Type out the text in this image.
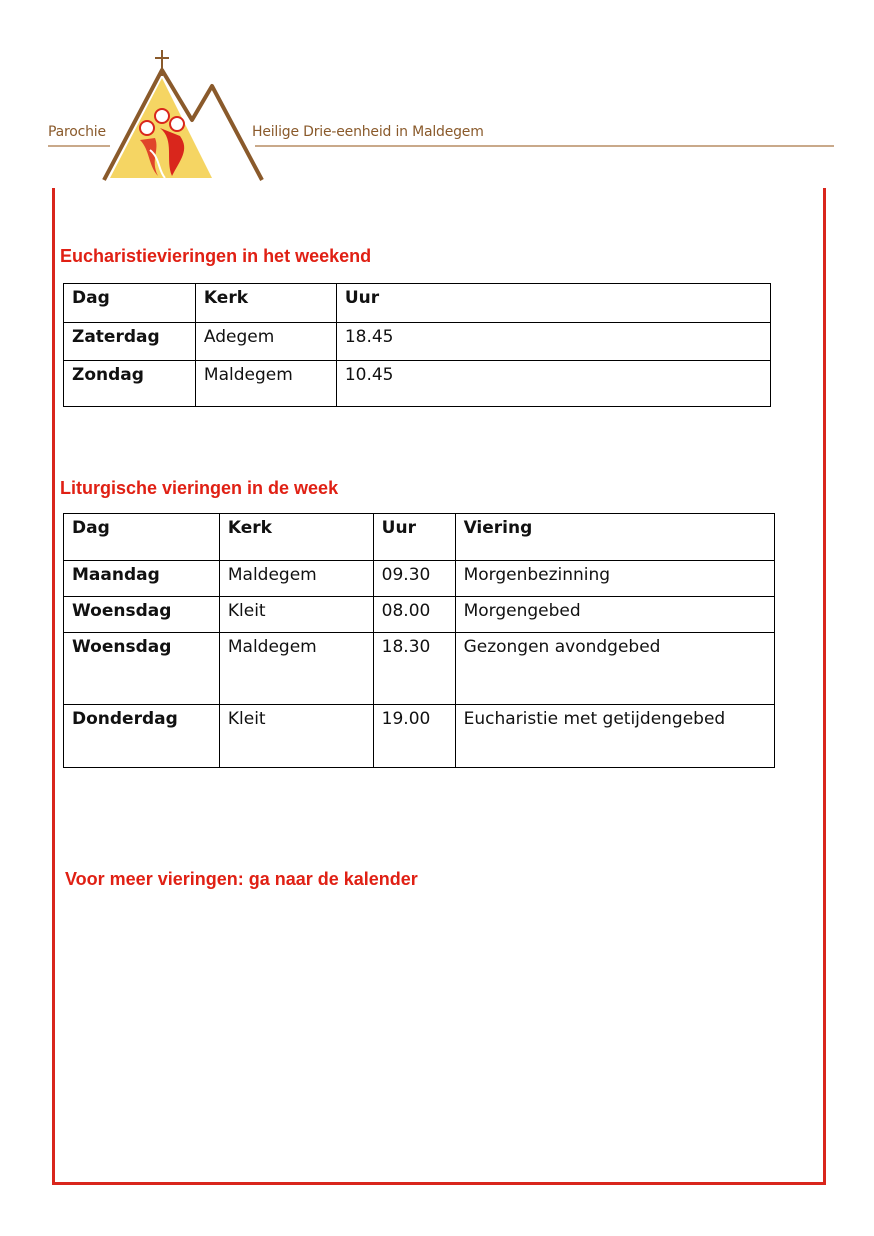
Parochie	Heilige Drie-eenheid in Maldegem
Eucharistievieringen in het weekend
Dag	Kerk	Uur
Zaterdag	Adegem	18.45
Zondag	Maldegem	10.45
Liturgische vieringen in de week
Dag	Kerk	Uur	Viering
Maandag	Maldegem	09.30	Morgenbezinning
Woensdag	Kleit	08.00	Morgengebed
Woensdag	Maldegem	18.30	Gezongen avondgebed
Donderdag	Kleit	19.00	Eucharistie met getijdengebed
Voor meer vieringen: ga naar de kalender
